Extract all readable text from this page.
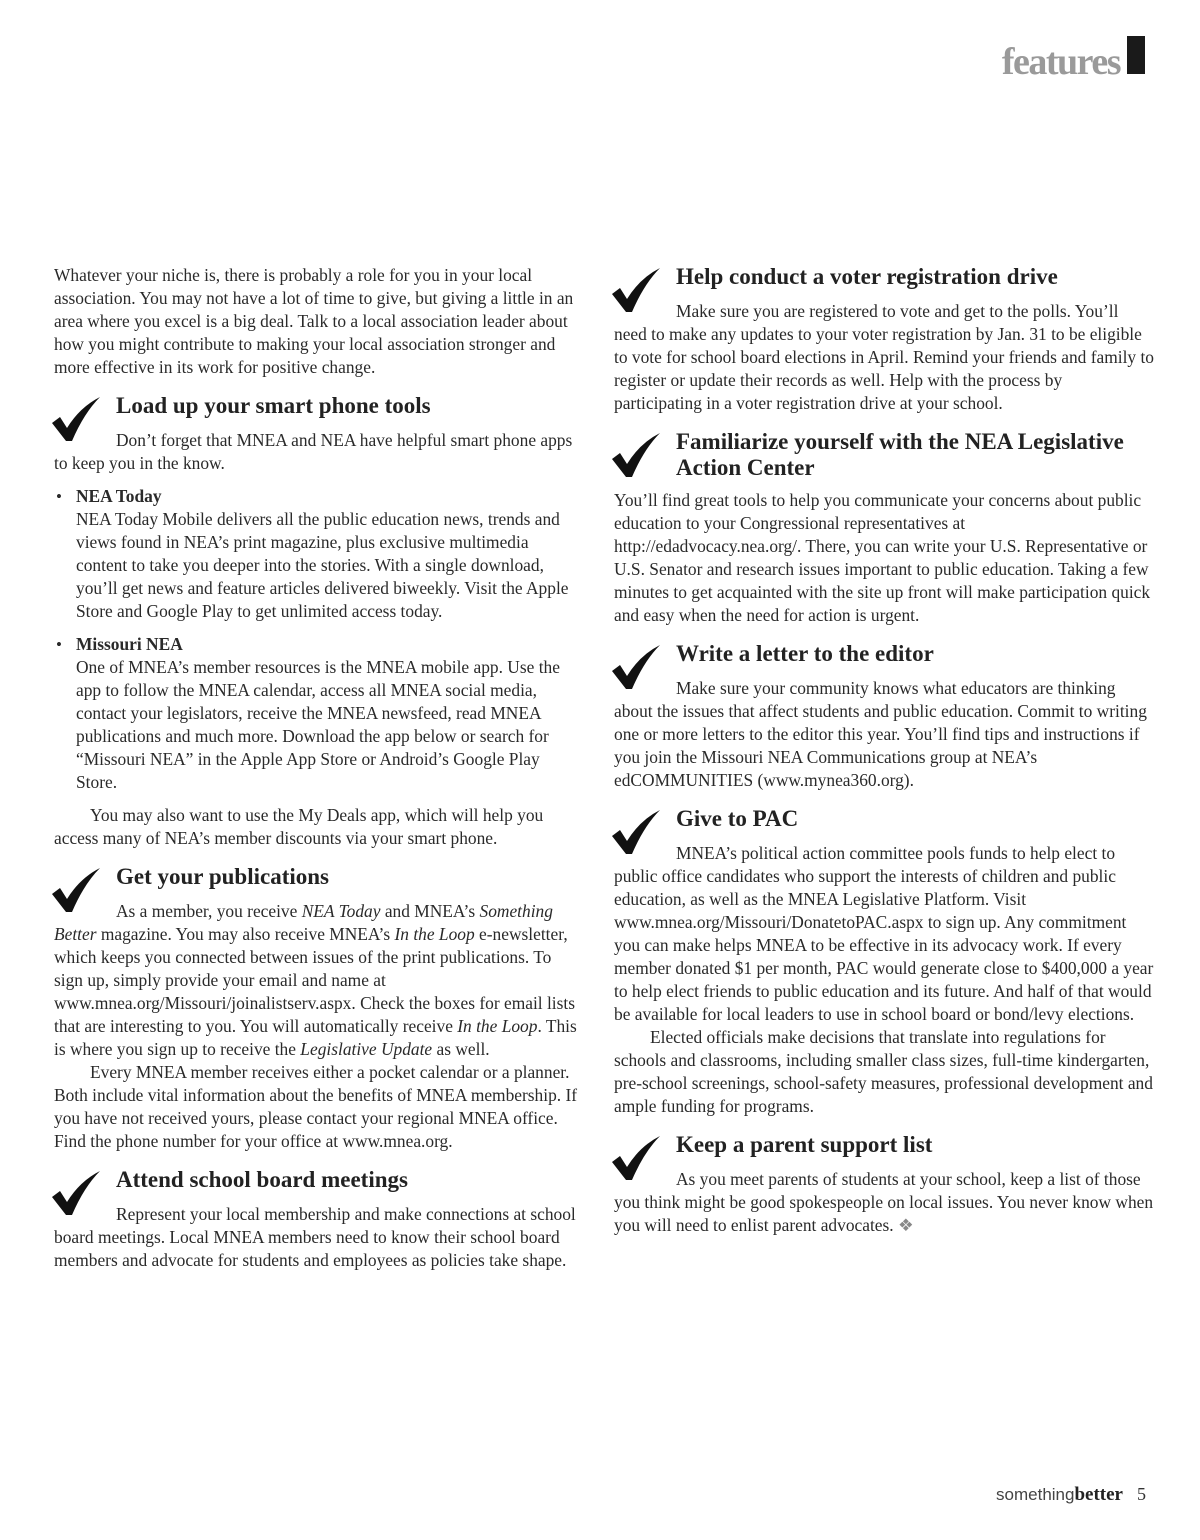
features

Whatever your niche is, there is probably a role for you in your local association. You may not have a lot of time to give, but giving a little in an area where you excel is a big deal. Talk to a local association leader about how you might contribute to making your local association stronger and more effective in its work for positive change.

Load up your smart phone tools

Don’t forget that MNEA and NEA have helpful smart phone apps to keep you in the know.

• NEA Today

NEA Today Mobile delivers all the public education news, trends and views found in NEA’s print magazine, plus exclusive multimedia content to take you deeper into the stories. With a single download, you’ll get news and feature articles delivered biweekly. Visit the Apple Store and Google Play to get unlimited access today.

• Missouri NEA

One of MNEA’s member resources is the MNEA mobile app. Use the app to follow the MNEA calendar, access all MNEA social media, contact your legislators, receive the MNEA newsfeed, read MNEA publications and much more. Download the app below or search for “Missouri NEA” in the Apple App Store or Android’s Google Play Store.

You may also want to use the My Deals app, which will help you access many of NEA’s member discounts via your smart phone.

Get your publications

As a member, you receive NEA Today and MNEA’s Something Better magazine. You may also receive MNEA’s In the Loop e-newsletter, which keeps you connected between issues of the print publications. To sign up, simply provide your email and name at www.mnea.org/Missouri/joinalistserv.aspx. Check the boxes for email lists that are interesting to you. You will automatically receive In the Loop. This is where you sign up to receive the Legislative Update as well.

Every MNEA member receives either a pocket calendar or a planner. Both include vital information about the benefits of MNEA membership. If you have not received yours, please contact your regional MNEA office. Find the phone number for your office at www.mnea.org.

Attend school board meetings

Represent your local membership and make connections at school board meetings. Local MNEA members need to know their school board members and advocate for students and employees as policies take shape.

Help conduct a voter registration drive

Make sure you are registered to vote and get to the polls. You’ll need to make any updates to your voter registration by Jan. 31 to be eligible to vote for school board elections in April. Remind your friends and family to register or update their records as well. Help with the process by participating in a voter registration drive at your school.

Familiarize yourself with the NEA Legislative Action Center

You’ll find great tools to help you communicate your concerns about public education to your Congressional representatives at http://edadvocacy.nea.org/. There, you can write your U.S. Representative or U.S. Senator and research issues important to public education. Taking a few minutes to get acquainted with the site up front will make participation quick and easy when the need for action is urgent.

Write a letter to the editor

Make sure your community knows what educators are thinking about the issues that affect students and public education. Commit to writing one or more letters to the editor this year. You’ll find tips and instructions if you join the Missouri NEA Communications group at NEA’s edCOMMUNITIES (www.mynea360.org).

Give to PAC

MNEA’s political action committee pools funds to help elect to public office candidates who support the interests of children and public education, as well as the MNEA Legislative Platform. Visit www.mnea.org/Missouri/DonatetoPAC.aspx to sign up. Any commitment you can make helps MNEA to be effective in its advocacy work. If every member donated $1 per month, PAC would generate close to $400,000 a year to help elect friends to public education and its future. And half of that would be available for local leaders to use in school board or bond/levy elections.

Elected officials make decisions that translate into regulations for schools and classrooms, including smaller class sizes, full-time kindergarten, pre-school screenings, school-safety measures, professional development and ample funding for programs.

Keep a parent support list

As you meet parents of students at your school, keep a list of those you think might be good spokespeople on local issues. You never know when you will need to enlist parent advocates. ❖

somethingbetter 5
